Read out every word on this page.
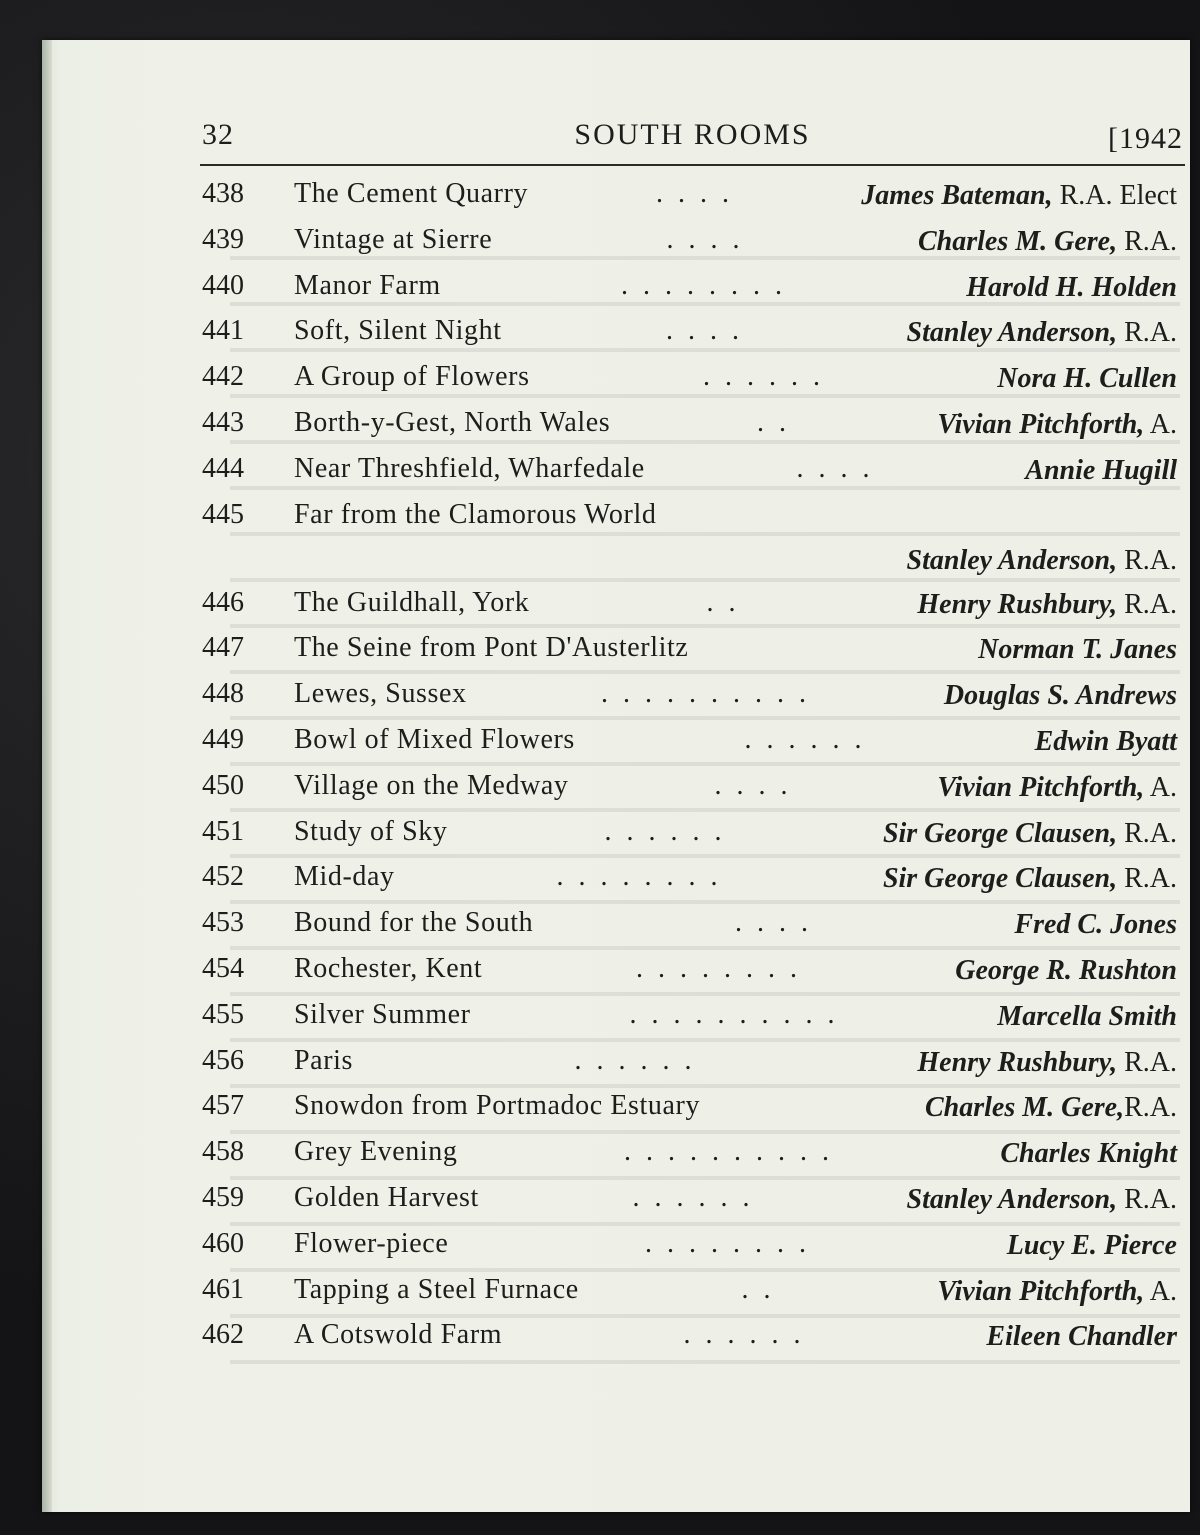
32	SOUTH ROOMS	[1942
438	The Cement Quarry	. . . .	James Bateman, R.A. Elect
439	Vintage at Sierre	. . . .	Charles M. Gere, R.A.
440	Manor Farm	. . . . . . . .	Harold H. Holden
441	Soft, Silent Night	. . . .	Stanley Anderson, R.A.
442	A Group of Flowers	. . . . . .	Nora H. Cullen
443	Borth-y-Gest, North Wales	. .	Vivian Pitchforth, A.
444	Near Threshfield, Wharfedale	. . . .	Annie Hugill
445	Far from the Clamorous World
Stanley Anderson, R.A.
446	The Guildhall, York	. .	Henry Rushbury, R.A.
447	The Seine from Pont D'Austerlitz	Norman T. Janes
448	Lewes, Sussex	. . . . . . . . . .	Douglas S. Andrews
449	Bowl of Mixed Flowers	. . . . . .	Edwin Byatt
450	Village on the Medway	. . . .	Vivian Pitchforth, A.
451	Study of Sky	. . . . . .	Sir George Clausen, R.A.
452	Mid-day	. . . . . . . .	Sir George Clausen, R.A.
453	Bound for the South	. . . .	Fred C. Jones
454	Rochester, Kent	. . . . . . . .	George R. Rushton
455	Silver Summer	. . . . . . . . . .	Marcella Smith
456	Paris	. . . . . .	Henry Rushbury, R.A.
457	Snowdon from Portmadoc Estuary	Charles M. Gere,R.A.
458	Grey Evening	. . . . . . . . . .	Charles Knight
459	Golden Harvest	. . . . . .	Stanley Anderson, R.A.
460	Flower-piece	. . . . . . . .	Lucy E. Pierce
461	Tapping a Steel Furnace	. .	Vivian Pitchforth, A.
462	A Cotswold Farm	. . . . . .	Eileen Chandler
